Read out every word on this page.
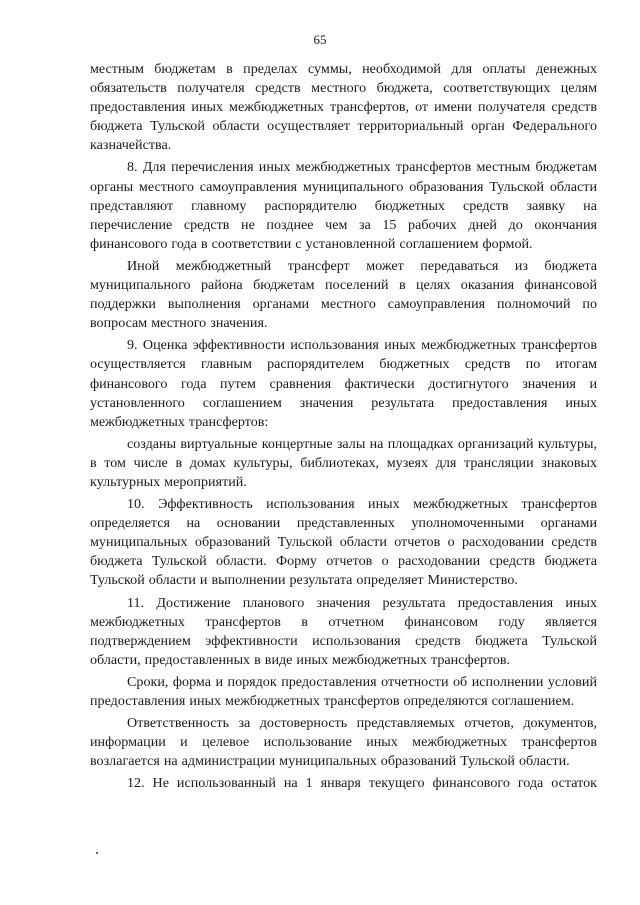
65

местным бюджетам в пределах суммы, необходимой для оплаты денежных обязательств получателя средств местного бюджета, соответствующих целям предоставления иных межбюджетных трансфертов, от имени получателя средств бюджета Тульской области осуществляет территориальный орган Федерального казначейства.

8. Для перечисления иных межбюджетных трансфертов местным бюджетам органы местного самоуправления муниципального образования Тульской области представляют главному распорядителю бюджетных средств заявку на перечисление средств не позднее чем за 15 рабочих дней до окончания финансового года в соответствии с установленной соглашением формой.

Иной межбюджетный трансферт может передаваться из бюджета муниципального района бюджетам поселений в целях оказания финансовой поддержки выполнения органами местного самоуправления полномочий по вопросам местного значения.

9. Оценка эффективности использования иных межбюджетных трансфертов осуществляется главным распорядителем бюджетных средств по итогам финансового года путем сравнения фактически достигнутого значения и установленного соглашением значения результата предоставления иных межбюджетных трансфертов:

созданы виртуальные концертные залы на площадках организаций культуры, в том числе в домах культуры, библиотеках, музеях для трансляции знаковых культурных мероприятий.

10. Эффективность использования иных межбюджетных трансфертов определяется на основании представленных уполномоченными органами муниципальных образований Тульской области отчетов о расходовании средств бюджета Тульской области. Форму отчетов о расходовании средств бюджета Тульской области и выполнении результата определяет Министерство.

11. Достижение планового значения результата предоставления иных межбюджетных трансфертов в отчетном финансовом году является подтверждением эффективности использования средств бюджета Тульской области, предоставленных в виде иных межбюджетных трансфертов.

Сроки, форма и порядок предоставления отчетности об исполнении условий предоставления иных межбюджетных трансфертов определяются соглашением.

Ответственность за достоверность представляемых отчетов, документов, информации и целевое использование иных межбюджетных трансфертов возлагается на администрации муниципальных образований Тульской области.

12. Не использованный на 1 января текущего финансового года остаток
